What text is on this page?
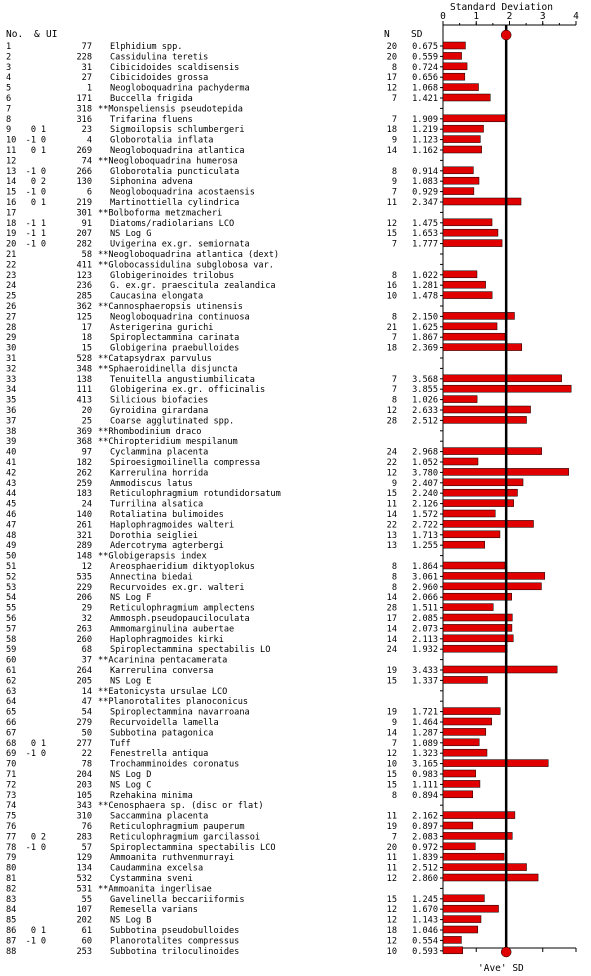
No. & UI	N SD
Standard Deviation
'Ave' SD
0	1	2	3	4
1	77 Elphidium spp.	20 0.675
2	228 Cassidulina teretis	20 0.559
3	31 Cibicidoides scaldisensis	8 0.724
4	27 Cibicidoides grossa	17 0.656
5	1 Neogloboquadrina pachyderma	12 1.068
6	171 Buccella frigida	7 1.421
7	318 **Monspeliensis pseudotepida
8	316 Trifarina fluens	7 1.909
9 0 1	23 Sigmoilopsis schlumbergeri	18 1.219
10 -1 0	4 Globorotalia inflata	9 1.123
11 0 1	269 Neogloboquadrina atlantica	14 1.162
12	74 **Neogloboquadrina humerosa
13 -1 0	266 Globorotalia puncticulata	8 0.914
14 0 2	130 Siphonina advena	9 1.083
15 -1 0	6 Neogloboquadrina acostaensis	7 0.929
16 0 1	219 Martinottiella cylindrica	11 2.347
17	301 **Bolboforma metzmacheri
18 -1 1	91 Diatoms/radiolarians LCO	12 1.475
19 -1 1	207 NS Log G	15 1.653
20 -1 0	282 Uvigerina ex.gr. semiornata	7 1.777
21	58 **Neogloboquadrina atlantica (dext)
22	411 **Globocassidulina subglobosa var.
23	123 Globigerinoides trilobus	8 1.022
24	236 G. ex.gr. praescitula zealandica	16 1.281
25	285 Caucasina elongata	10 1.478
26	362 **Cannosphaeropsis utinensis
27	125 Neogloboquadrina continuosa	8 2.150
28	17 Asterigerina gurichi	21 1.625
29	18 Spiroplectammina carinata	7 1.867
30	15 Globigerina praebulloides	18 2.369
31	528 **Catapsydrax parvulus
32	348 **Sphaeroidinella disjuncta
33	138 Tenuitella angustiumbilicata	7 3.568
34	111 Globigerina ex.gr. officinalis	7 3.855
35	413 Silicious biofacies	8 1.026
36	20 Gyroidina girardana	12 2.633
37	25 Coarse agglutinated spp.	28 2.512
38	369 **Rhombodinium draco
39	368 **Chiropteridium mespilanum
40	97 Cyclammina placenta	24 2.968
41	182 Spiroesigmoilinella compressa	22 1.052
42	262 Karrerulina horrida	12 3.780
43	259 Ammodiscus latus	9 2.407
44	183 Reticulophragmium rotundidorsatum	15 2.240
45	24 Turrilina alsatica	11 2.126
46	140 Rotaliatina bulimoides	14 1.572
47	261 Haplophragmoides walteri	22 2.722
48	321 Dorothia seigliei	13 1.713
49	289 Adercotryma agterbergi	13 1.255
50	148 **Globigerapsis index
51	12 Areosphaeridium diktyoplokus	8 1.864
52	535 Annectina biedai	8 3.061
53	229 Recurvoides ex.gr. walteri	8 2.960
54	206 NS Log F	14 2.066
55	29 Reticulophragmium amplectens	28 1.511
56	32 Ammosph.pseudopauciloculata	17 2.085
57	263 Ammomarginulina aubertae	14 2.073
58	260 Haplophragmoides kirki	14 2.113
59	68 Spiroplectammina spectabilis LO	24 1.932
60	37 **Acarinina pentacamerata
61	264 Karrerulina conversa	19 3.433
62	205 NS Log E	15 1.337
63	14 **Eatonicysta ursulae LCO
64	47 **Planorotalites planoconicus
65	54 Spiroplectammina navarroana	19 1.721
66	279 Recurvoidella lamella	9 1.464
67	50 Subbotina patagonica	14 1.287
68 0 1	277 Tuff	7 1.089
69 -1 0	22 Fenestrella antiqua	12 1.323
70	78 Trochamminoides coronatus	10 3.165
71	204 NS Log D	15 0.983
72	203 NS Log C	15 1.111
73	105 Rzehakina minima	8 0.894
74	343 **Cenosphaera sp. (disc or flat)
75	310 Saccammina placenta	11 2.162
76	76 Reticulophragmium pauperum	19 0.897
77 0 2	283 Reticulophragmium garcilassoi	7 2.083
78 -1 0	57 Spiroplectammina spectabilis LCO	20 0.972
79	129 Ammoanita ruthvenmurrayi	11 1.839
80	134 Caudammina excelsa	11 2.512
81	532 Cystammina sveni	12 2.860
82	531 **Ammoanita ingerlisae
83	55 Gavelinella beccariiformis	15 1.245
84	107 Remesella varians	12 1.670
85	202 NS Log B	12 1.143
86 0 1	61 Subbotina pseudobulloides	18 1.046
87 -1 0	60 Planorotalites compressus	12 0.554
88	253 Subbotina triloculinoides	10 0.593
